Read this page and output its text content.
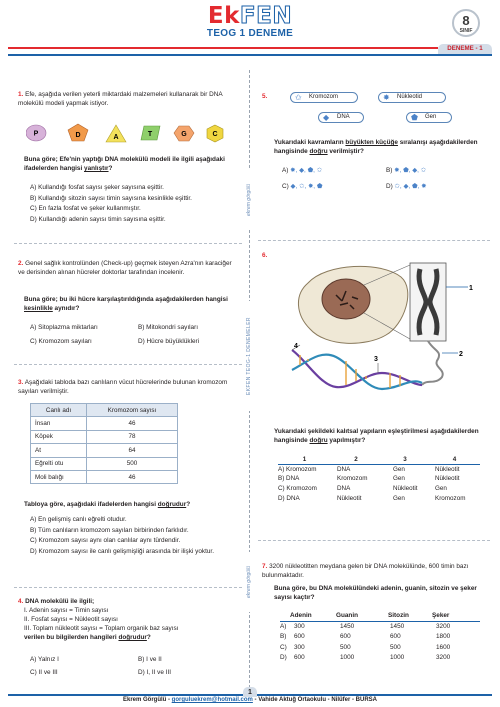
EkFEN
TEOG 1 DENEME
8
SINIF
DENEME - 1
ekrem görgülü
EKFEN TEOG-1 DENEMELER
ekrem görgülü
1. Efe, aşağıda verilen yeterli miktardaki malzemeleri kullanarak bir DNA molekülü modeli yapmak istiyor.
P	D	A	T	G	C
Buna göre; Efe'nin yaptığı DNA molekülü modeli ile ilgili aşağıdaki ifadelerden hangisi yanlıştır?
A) Kullandığı fosfat sayısı şeker sayısına eşittir.
B) Kullandığı sitozin sayısı timin sayısına kesinlikle eşittir.
C) En fazla fosfat ve şeker kullanmıştır.
D) Kullandığı adenin sayısı timin sayısına eşittir.
2. Genel sağlık kontrolünden (Check-up) geçmek isteyen Azra'nın karaciğer ve derisinden alınan hücreler doktorlar tarafından incelenir.
Buna göre; bu iki hücre karşılaştırıldığında aşağıdakilerden hangisi kesinlikle aynıdır?
A) Sitoplazma miktarları	B) Mitokondri sayıları
C) Kromozom sayıları	D) Hücre büyüklükleri
3. Aşağıdaki tabloda bazı canlıların vücut hücrelerinde bulunan kromozom sayıları verilmiştir.
Canlı adı	Kromozom sayısı
İnsan	46
Köpek	78
At	64
Eğrelti otu	500
Moli balığı	46
Tabloya göre, aşağıdaki ifadelerden hangisi doğrudur?
A) En gelişmiş canlı eğrelti otudur.
B) Tüm canlıların kromozom sayıları birbirinden farklıdır.
C) Kromozom sayısı aynı olan canlılar aynı türdendir.
D) Kromozom sayısı ile canlı gelişmişliği arasında bir ilişki yoktur.
4. DNA molekülü ile ilgili;
I. Adenin sayısı = Timin sayısı
II. Fosfat sayısı = Nükleotit sayısı
III. Toplam nükleotit sayısı = Toplam organik baz sayısı
verilen bu bilgilerden hangileri doğrudur?
A) Yalnız I	B) I ve II
C) II ve III	D) I, II ve III
5.	✩ Kromozom	✸ Nükleotid
◆ DNA	⬟ Gen
Yukarıdaki kavramların büyükten küçüğe sıralanışı aşağıdakilerden hangisinde doğru verilmiştir?
A) ✸, ◆, ⬟, ✩	B) ✸, ⬟, ◆, ✩
C) ◆, ✩, ✸, ⬟	D) ✩, ◆, ⬟, ✸
6.
1
2
4
3
Yukarıdaki şekildeki kalıtsal yapıların eşleştirilmesi aşağıdakilerden hangisinde doğru yapılmıştır?
1	2	3	4
A) Kromozom	DNA	Gen	Nükleotit
B) DNA	Kromozom	Gen	Nükleotit
C) Kromozom	DNA	Nükleotit	Gen
D) DNA	Nükleotit	Gen	Kromozom
7. 3200 nükleotitten meydana gelen bir DNA molekülünde, 600 timin bazı bulunmaktadır.
Buna göre, bu DNA molekülündeki adenin, guanin, sitozin ve şeker sayısı kaçtır?
	Adenin	Guanin	Sitozin	Şeker
A)	300	1450	1450	3200
B)	600	600	600	1800
C)	300	500	500	1600
D)	600	1000	1000	3200
1
Ekrem Görgülü - gorguluekrem@hotmail.com - Vahide Aktuğ Ortaokulu - Nilüfer - BURSA
